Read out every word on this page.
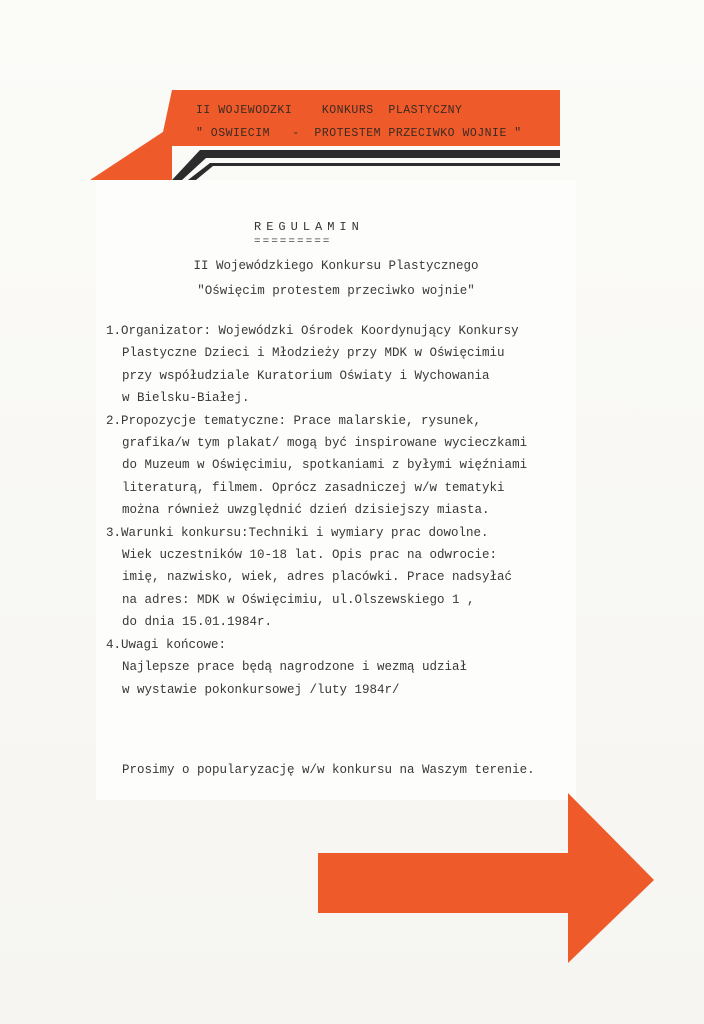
II WOJEWODZKI    KONKURS  PLASTYCZNY
" OSWIECIM   -  PROTESTEM PRZECIWKO WOJNIE "
REGULAMIN
=========
II Wojewódzkiego Konkursu Plastycznego
"Oświęcim protestem przeciwko wojnie"
1.Organizator: Wojewódzki Ośrodek Koordynujący Konkursy
Plastyczne Dzieci i Młodzieży przy MDK w Oświęcimiu
przy współudziale Kuratorium Oświaty i Wychowania
w Bielsku-Białej.
2.Propozycje tematyczne: Prace malarskie, rysunek,
grafika/w tym plakat/ mogą być inspirowane wycieczkami
do Muzeum w Oświęcimiu, spotkaniami z byłymi więźniami
literaturą, filmem. Oprócz zasadniczej w/w tematyki
można również uwzględnić dzień dzisiejszy miasta.
3.Warunki konkursu:Techniki i wymiary prac dowolne.
Wiek uczestników 10-18 lat. Opis prac na odwrocie:
imię, nazwisko, wiek, adres placówki. Prace nadsyłać
na adres: MDK w Oświęcimiu, ul.Olszewskiego 1 ,
do dnia 15.01.1984r.
4.Uwagi końcowe:
Najlepsze prace będą nagrodzone i wezmą udział
w wystawie pokonkursowej /luty 1984r/
Prosimy o popularyzację w/w konkursu na Waszym terenie.
